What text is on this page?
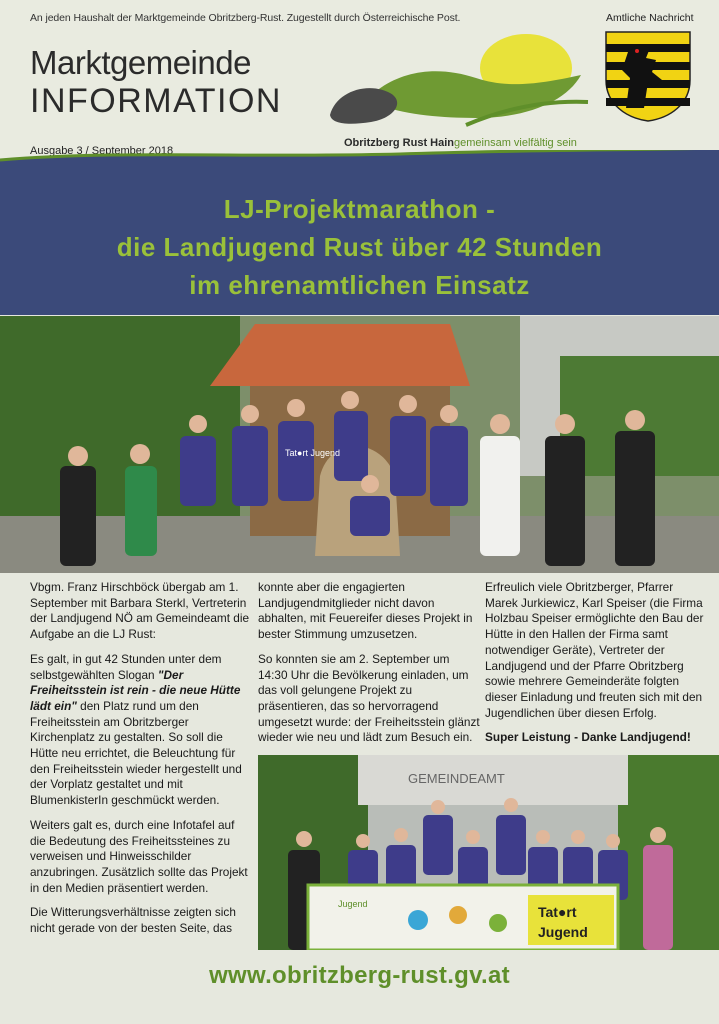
An jeden Haushalt der Marktgemeinde Obritzberg-Rust. Zugestellt durch Österreichische Post.
Marktgemeinde
INFORMATION
Ausgabe 3 / September 2018
Obritzberg Rust Hain gemeinsam vielfältig sein
Amtliche Nachricht
LJ-Projektmarathon -
die Landjugend Rust über 42 Stunden
im ehrenamtlichen Einsatz
Tat●rt Jugend

Vbgm. Franz Hirschböck übergab am 1. September mit Barbara Sterkl, Vertreterin der Landjugend NÖ am Gemeindeamt die Aufgabe an die LJ Rust:

Es galt, in gut 42 Stunden unter dem selbstgewählten Slogan "Der Freiheitsstein ist rein - die neue Hütte lädt ein" den Platz rund um den Freiheitsstein am Obritzberger Kirchenplatz zu gestalten. So soll die Hütte neu errichtet, die Beleuchtung für den Freiheitsstein wieder hergestellt und der Vorplatz gestaltet und mit BlumenkisterIn geschmückt werden.

Weiters galt es, durch eine Infotafel auf die Bedeutung des Freiheitssteines zu verweisen und Hinweisschilder anzubringen. Zusätzlich sollte das Projekt in den Medien präsentiert werden.

Die Witterungsverhältnisse zeigten sich nicht gerade von der besten Seite, das

konnte aber die engagierten Landjugendmitglieder nicht davon abhalten, mit Feuereifer dieses Projekt in bester Stimmung umzusetzen.

So konnten sie am 2. September um 14:30 Uhr die Bevölkerung einladen, um das voll gelungene Projekt zu präsentieren, das so hervorragend umgesetzt wurde: der Freiheitsstein glänzt wieder wie neu und lädt zum Besuch ein.

Erfreulich viele Obritzberger, Pfarrer Marek Jurkiewicz, Karl Speiser (die Firma Holzbau Speiser ermöglichte den Bau der Hütte in den Hallen der Firma samt notwendiger Geräte), Vertreter der Landjugend und der Pfarre Obritzberg sowie mehrere Gemeinderäte folgten dieser Einladung und freuten sich mit den Jugendlichen über diesen Erfolg.

Super Leistung - Danke Landjugend!

GEMEINDEAMT
Jugend	Tat●rt
Jugend
www.obritzberg-rust.gv.at
